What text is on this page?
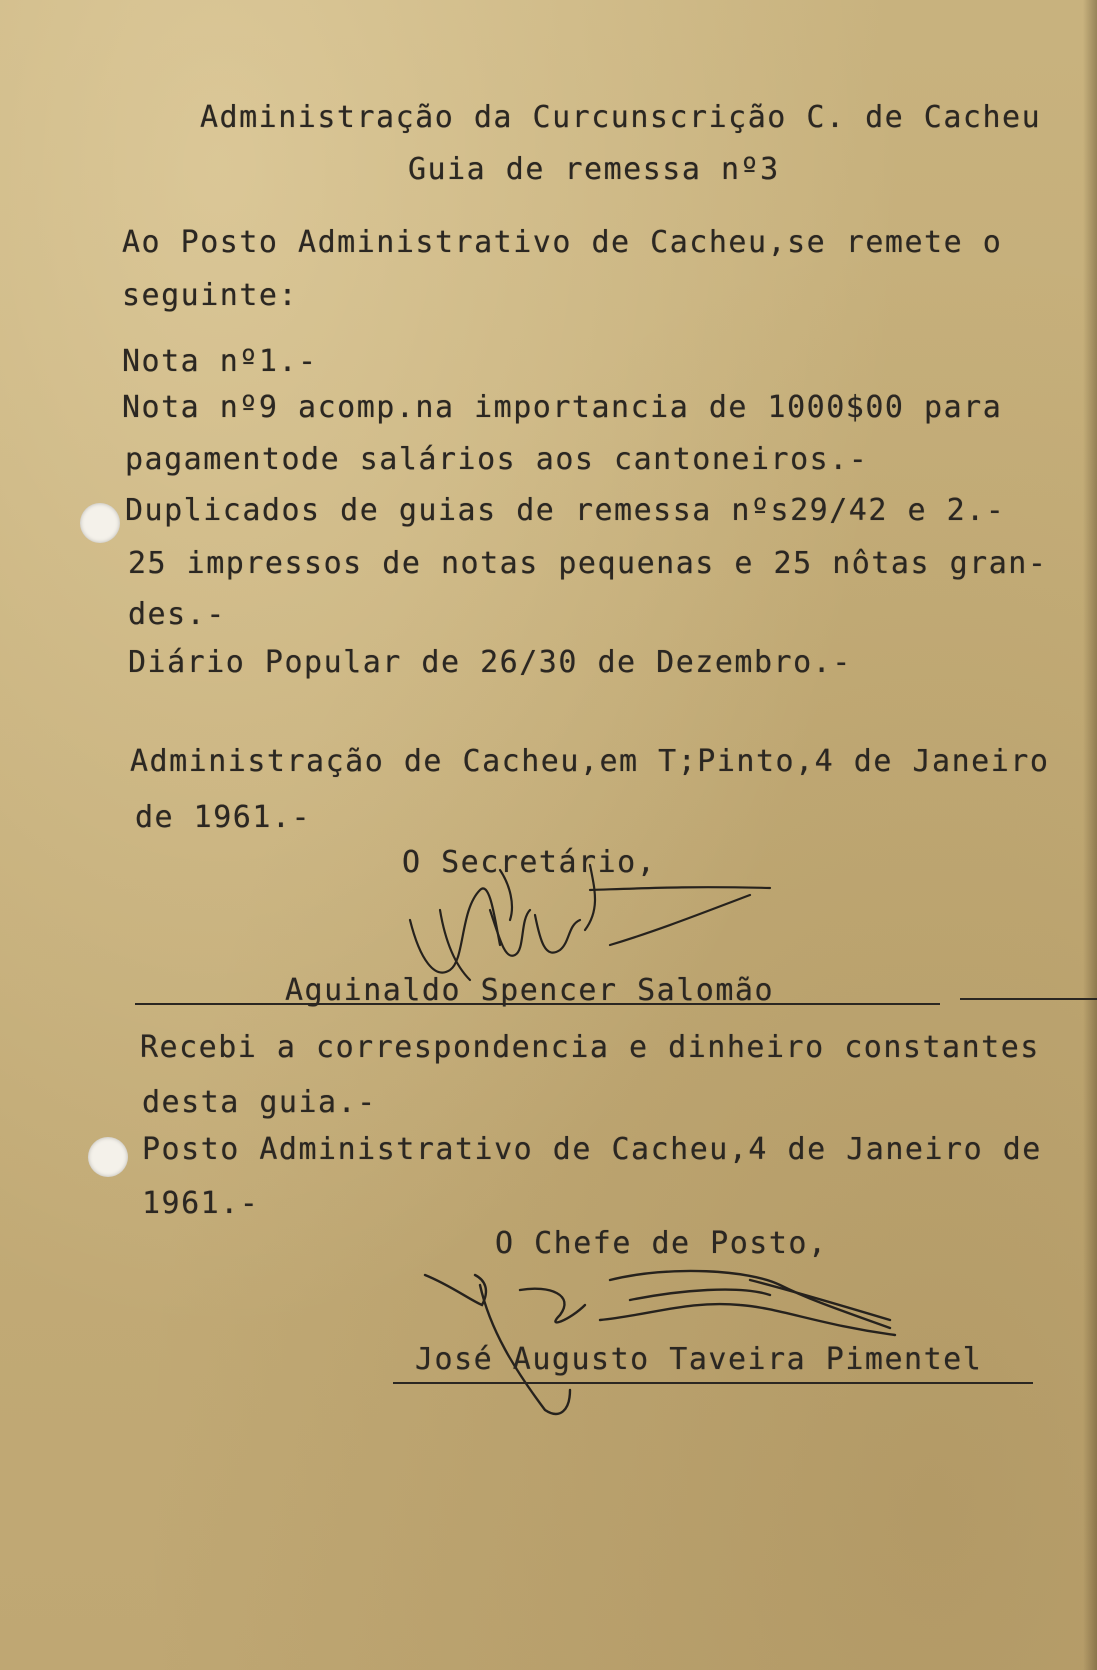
Administração da Curcunscrição C. de Cacheu
Guia de remessa nº3
Ao Posto Administrativo de Cacheu,se remete o
seguinte:
Nota nº1.-
Nota nº9 acomp.na importancia de 1000$00 para
pagamentode salários aos cantoneiros.-
Duplicados de guias de remessa nºs29/42 e 2.-
25 impressos de notas pequenas e 25 nôtas gran-
des.-
Diário Popular de 26/30 de Dezembro.-
Administração de Cacheu,em T;Pinto,4 de Janeiro
de 1961.-
O Secretário,
Aguinaldo Spencer Salomão
Recebi a correspondencia e dinheiro constantes
desta guia.-
Posto Administrativo de Cacheu,4 de Janeiro de
1961.-
O Chefe de Posto,
José Augusto Taveira Pimentel
